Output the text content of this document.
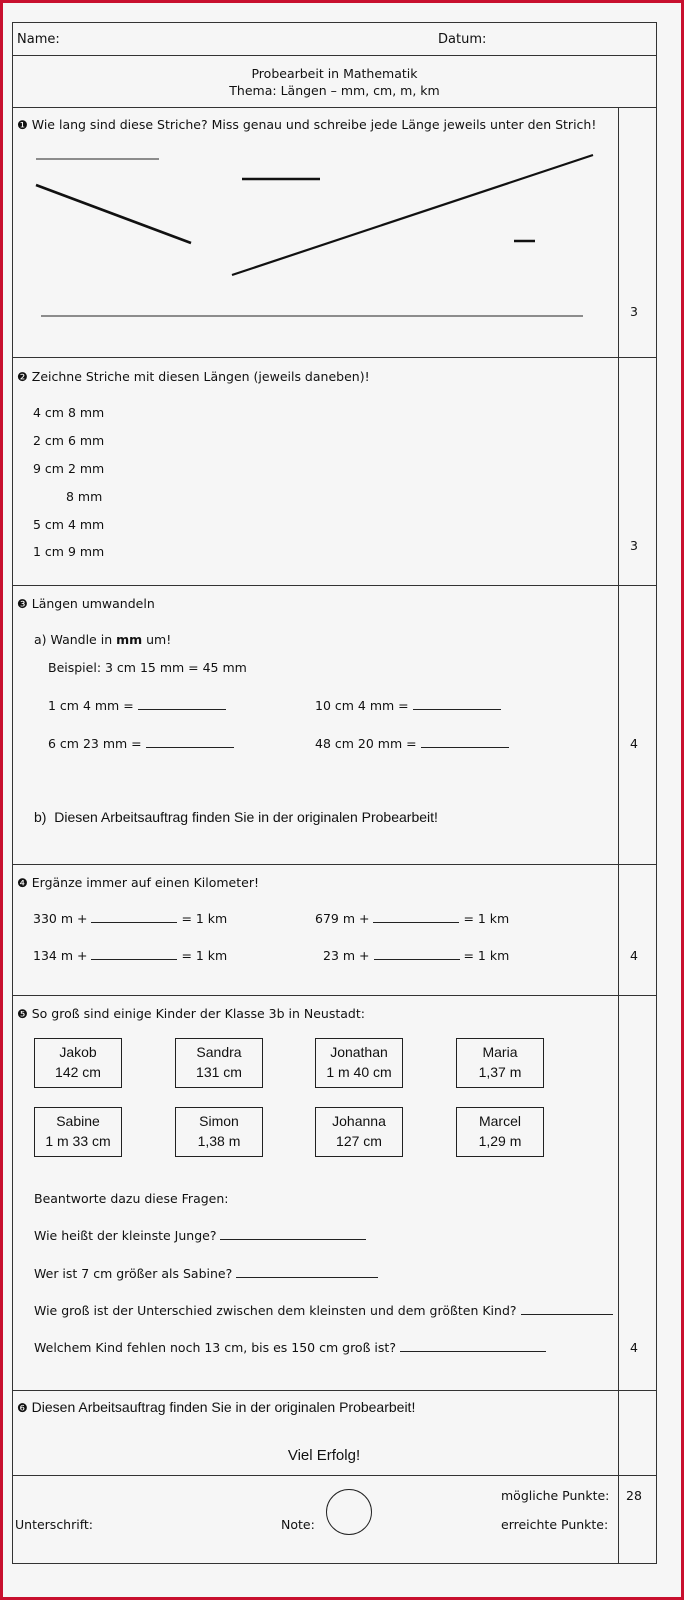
Name:	Datum:
Probearbeit in Mathematik
Thema: Längen – mm, cm, m, km
❶ Wie lang sind diese Striche? Miss genau und schreibe jede Länge jeweils unter den Strich!
3
❷ Zeichne Striche mit diesen Längen (jeweils daneben)!
4 cm 8 mm
2 cm 6 mm
9 cm 2 mm
8 mm
5 cm 4 mm
1 cm 9 mm	3
❸ Längen umwandeln
a) Wandle in mm um!
Beispiel: 3 cm 15 mm = 45 mm
1 cm 4 mm =	10 cm 4 mm =
6 cm 23 mm =	48 cm 20 mm =
b) Diesen Arbeitsauftrag finden Sie in der originalen Probearbeit!
4
❹ Ergänze immer auf einen Kilometer!
330 m +	= 1 km	679 m +	= 1 km
134 m +	= 1 km	23 m +	= 1 km	4
❺ So groß sind einige Kinder der Klasse 3b in Neustadt:
Jakob
142 cm
Sandra
131 cm
Jonathan
1 m 40 cm
Maria
1,37 m
Sabine
1 m 33 cm
Simon
1,38 m
Johanna
127 cm
Marcel
1,29 m
Beantworte dazu diese Fragen:
Wie heißt der kleinste Junge?
Wer ist 7 cm größer als Sabine?
Wie groß ist der Unterschied zwischen dem kleinsten und dem größten Kind?
Welchem Kind fehlen noch 13 cm, bis es 150 cm groß ist?	4
❻ Diesen Arbeitsauftrag finden Sie in der originalen Probearbeit!
Viel Erfolg!
mögliche Punkte: 28
Unterschrift:	Note:	erreichte Punkte:
